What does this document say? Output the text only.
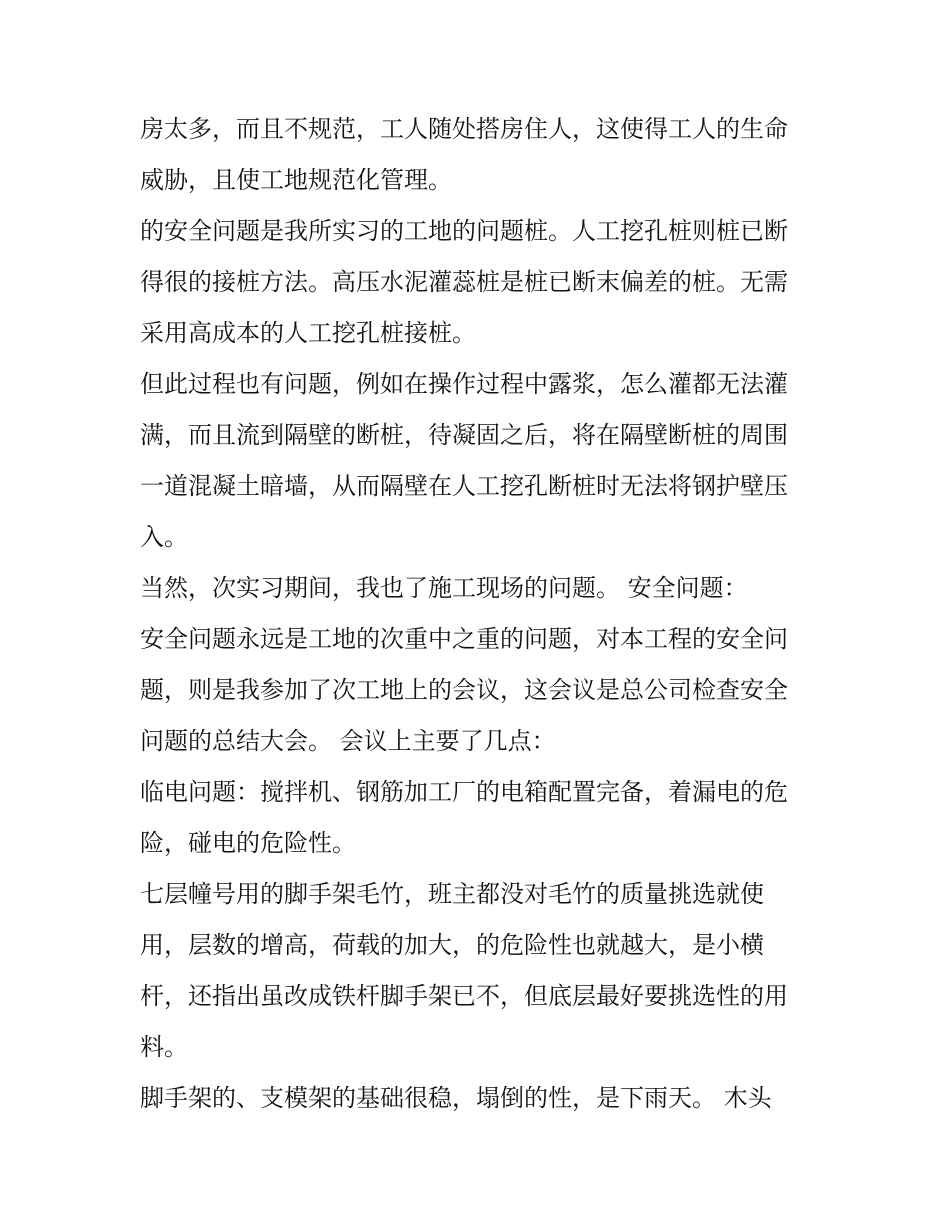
房太多，而且不规范，工人随处搭房住人，这使得工人的生命
威胁，且使工地规范化管理。
的安全问题是我所实习的工地的问题桩。人工挖孔桩则桩已断
得很的接桩方法。高压水泥灌蕊桩是桩已断末偏差的桩。无需
采用高成本的人工挖孔桩接桩。
但此过程也有问题，例如在操作过程中露浆，怎么灌都无法灌
满，而且流到隔壁的断桩，待凝固之后，将在隔壁断桩的周围
一道混凝土暗墙，从而隔壁在人工挖孔断桩时无法将钢护壁压
入。
当然，次实习期间，我也了施工现场的问题。 安全问题：
安全问题永远是工地的次重中之重的问题，对本工程的安全问
题，则是我参加了次工地上的会议，这会议是总公司检查安全
问题的总结大会。 会议上主要了几点：
临电问题：搅拌机、钢筋加工厂的电箱配置完备，着漏电的危
险，碰电的危险性。
七层幢号用的脚手架毛竹，班主都没对毛竹的质量挑选就使
用，层数的增高，荷载的加大，的危险性也就越大，是小横
杆，还指出虽改成铁杆脚手架已不，但底层最好要挑选性的用
料。
脚手架的、支模架的基础很稳，塌倒的性，是下雨天。 木头
